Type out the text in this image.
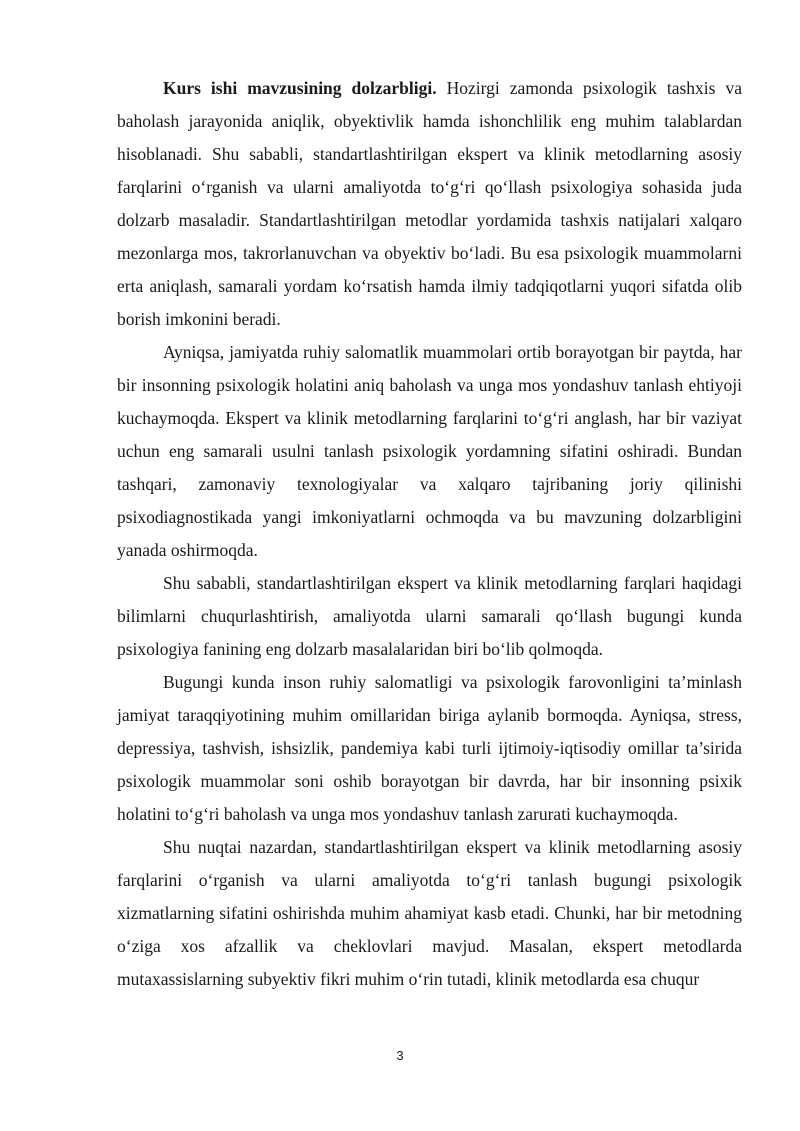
Kurs ishi mavzusining dolzarbligi. Hozirgi zamonda psixologik tashxis va baholash jarayonida aniqlik, obyektivlik hamda ishonchlilik eng muhim talablardan hisoblanadi. Shu sababli, standartlashtirilgan ekspert va klinik metodlarning asosiy farqlarini o‘rganish va ularni amaliyotda to‘g‘ri qo‘llash psixologiya sohasida juda dolzarb masaladir. Standartlashtirilgan metodlar yordamida tashxis natijalari xalqaro mezonlarga mos, takrorlanuvchan va obyektiv bo‘ladi. Bu esa psixologik muammolarni erta aniqlash, samarali yordam ko‘rsatish hamda ilmiy tadqiqotlarni yuqori sifatda olib borish imkonini beradi.

Ayniqsa, jamiyatda ruhiy salomatlik muammolari ortib borayotgan bir paytda, har bir insonning psixologik holatini aniq baholash va unga mos yondashuv tanlash ehtiyoji kuchaymoqda. Ekspert va klinik metodlarning farqlarini to‘g‘ri anglash, har bir vaziyat uchun eng samarali usulni tanlash psixologik yordamning sifatini oshiradi. Bundan tashqari, zamonaviy texnologiyalar va xalqaro tajribaning joriy qilinishi psixodiagnostikada yangi imkoniyatlarni ochmoqda va bu mavzuning dolzarbligini yanada oshirmoqda.

Shu sababli, standartlashtirilgan ekspert va klinik metodlarning farqlari haqidagi bilimlarni chuqurlashtirish, amaliyotda ularni samarali qo‘llash bugungi kunda psixologiya fanining eng dolzarb masalalaridan biri bo‘lib qolmoqda.

Bugungi kunda inson ruhiy salomatligi va psixologik farovonligini ta’minlash jamiyat taraqqiyotining muhim omillaridan biriga aylanib bormoqda. Ayniqsa, stress, depressiya, tashvish, ishsizlik, pandemiya kabi turli ijtimoiy-iqtisodiy omillar ta’sirida psixologik muammolar soni oshib borayotgan bir davrda, har bir insonning psixik holatini to‘g‘ri baholash va unga mos yondashuv tanlash zarurati kuchaymoqda.

Shu nuqtai nazardan, standartlashtirilgan ekspert va klinik metodlarning asosiy farqlarini o‘rganish va ularni amaliyotda to‘g‘ri tanlash bugungi psixologik xizmatlarning sifatini oshirishda muhim ahamiyat kasb etadi. Chunki, har bir metodning o‘ziga xos afzallik va cheklovlari mavjud. Masalan, ekspert metodlarda mutaxassislarning subyektiv fikri muhim o‘rin tutadi, klinik metodlarda esa chuqur

3
